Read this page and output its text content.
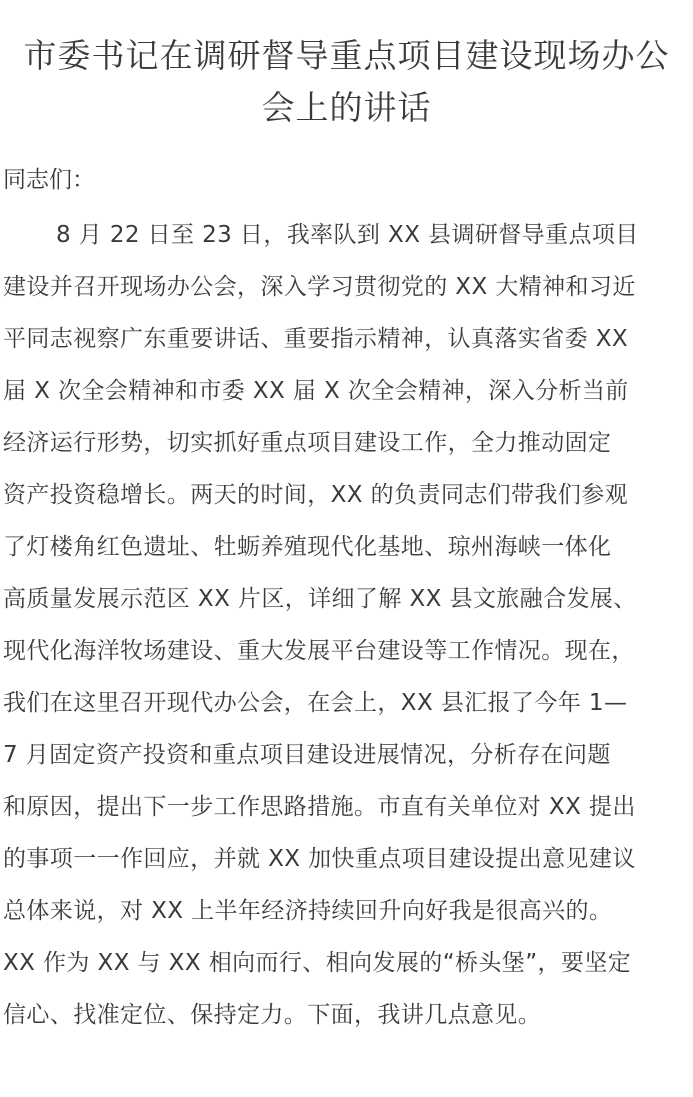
市委书记在调研督导重点项目建设现场办公
会上的讲话

同志们：

8 月 22 日至 23 日，我率队到 XX 县调研督导重点项目
建设并召开现场办公会，深入学习贯彻党的 XX 大精神和习近
平同志视察广东重要讲话、重要指示精神，认真落实省委 XX
届 X 次全会精神和市委 XX 届 X 次全会精神，深入分析当前
经济运行形势，切实抓好重点项目建设工作，全力推动固定
资产投资稳增长。两天的时间，XX 的负责同志们带我们参观
了灯楼角红色遗址、牡蛎养殖现代化基地、琼州海峡一体化
高质量发展示范区 XX 片区，详细了解 XX 县文旅融合发展、
现代化海洋牧场建设、重大发展平台建设等工作情况。现在，
我们在这里召开现代办公会，在会上，XX 县汇报了今年 1—
7 月固定资产投资和重点项目建设进展情况，分析存在问题
和原因，提出下一步工作思路措施。市直有关单位对 XX 提出
的事项一一作回应，并就 XX 加快重点项目建设提出意见建议
总体来说，对 XX 上半年经济持续回升向好我是很高兴的。
XX 作为 XX 与 XX 相向而行、相向发展的“桥头堡”，要坚定
信心、找准定位、保持定力。下面，我讲几点意见。
